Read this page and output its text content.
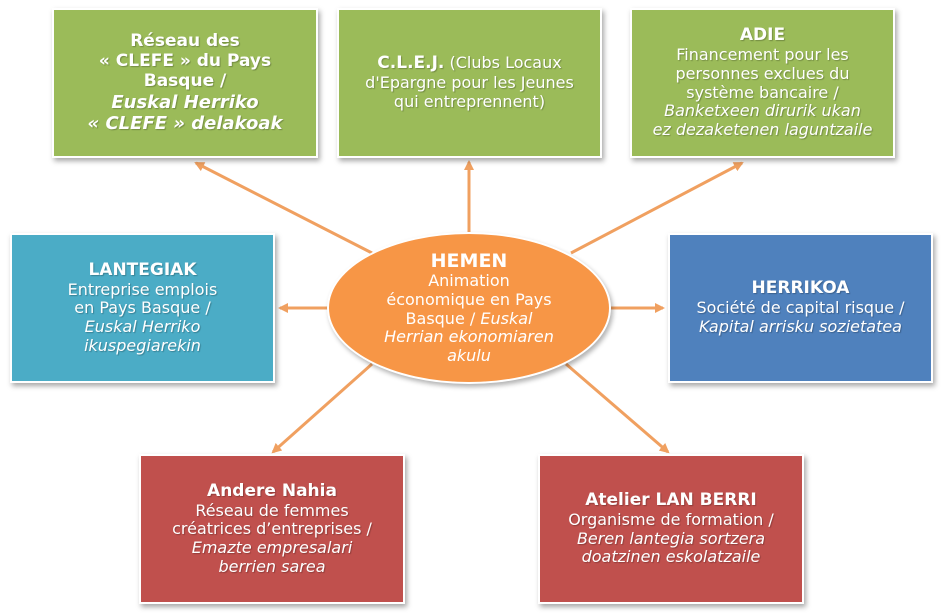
Réseau des
« CLEFE » du Pays
Basque /
Euskal Herriko
« CLEFE » delakoak
C.L.E.J. (Clubs Locaux
d'Epargne pour les Jeunes
qui entreprennent)
ADIE
Financement pour les
personnes exclues du
système bancaire /
Banketxeen dirurik ukan
ez dezaketenen laguntzaile
LANTEGIAK
Entreprise emplois
en Pays Basque /
Euskal Herriko
ikuspegiarekin
HEMEN
Animation
économique en Pays
Basque / Euskal
Herrian ekonomiaren
akulu
HERRIKOA
Société de capital risque /
Kapital arrisku sozietatea
Andere Nahia
Réseau de femmes
créatrices d’entreprises /
Emazte empresalari
berrien sarea
Atelier LAN BERRI
Organisme de formation /
Beren lantegia sortzera
doatzinen eskolatzaile
